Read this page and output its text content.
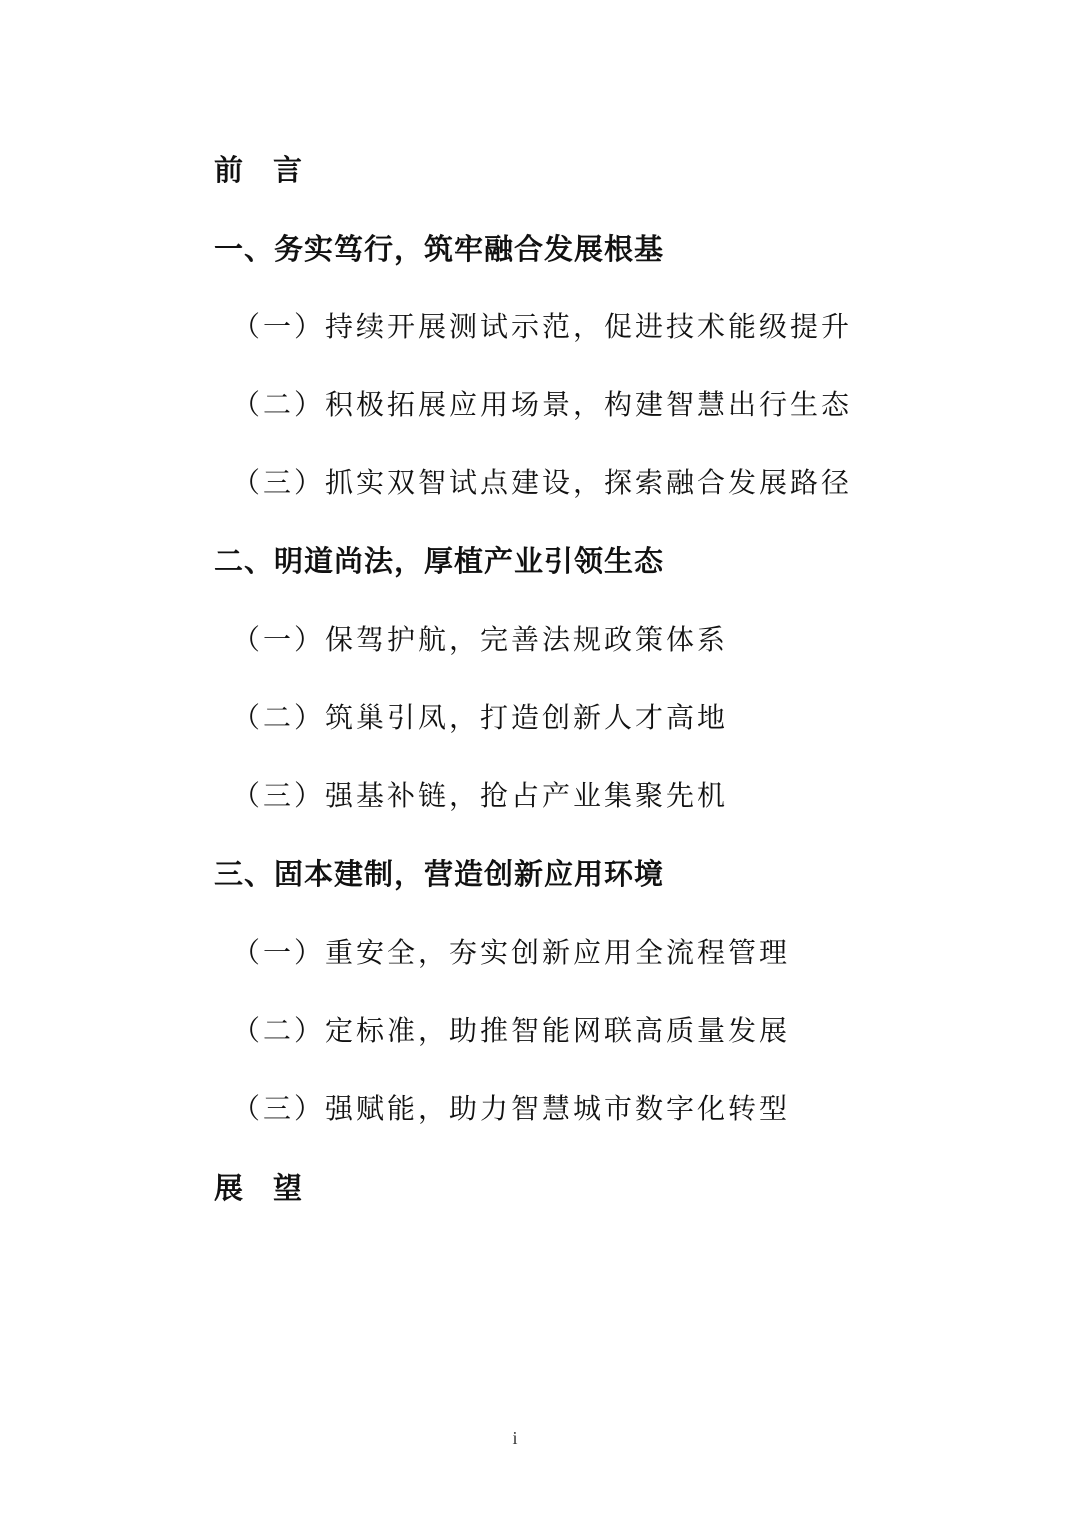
前言
一、务实笃行，筑牢融合发展根基
（一）持续开展测试示范，促进技术能级提升
（二）积极拓展应用场景，构建智慧出行生态
（三）抓实双智试点建设，探索融合发展路径
二、明道尚法，厚植产业引领生态
（一）保驾护航，完善法规政策体系
（二）筑巢引凤，打造创新人才高地
（三）强基补链，抢占产业集聚先机
三、固本建制，营造创新应用环境
（一）重安全，夯实创新应用全流程管理
（二）定标准，助推智能网联高质量发展
（三）强赋能，助力智慧城市数字化转型
展望
i
